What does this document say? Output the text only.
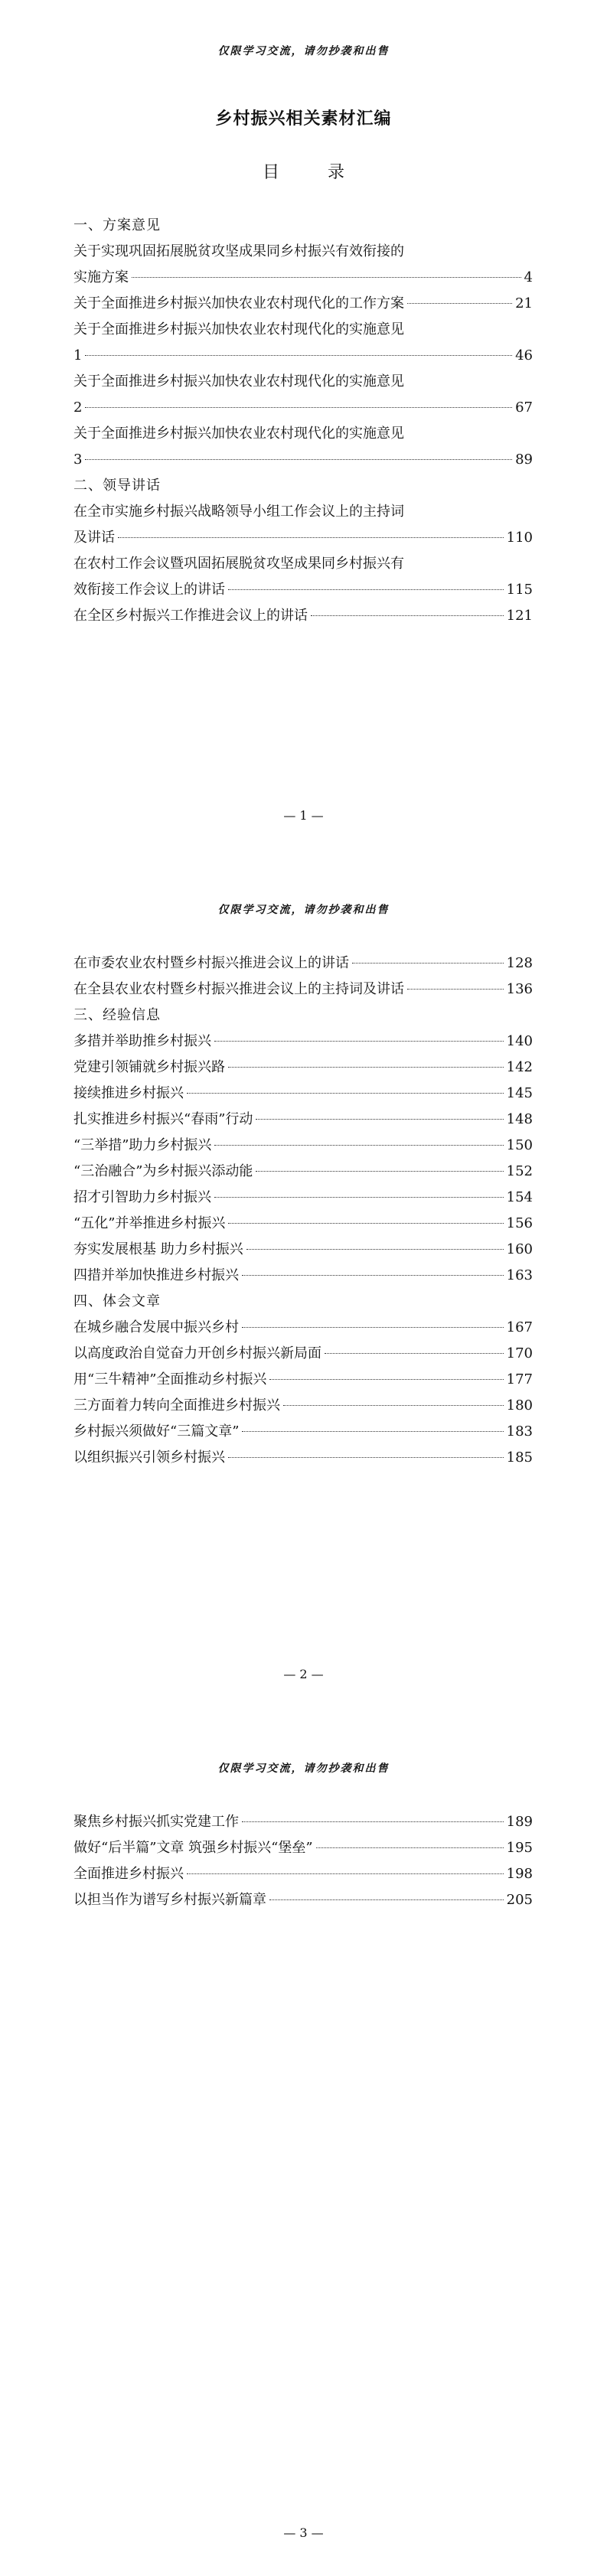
仅限学习交流，请勿抄袭和出售
乡村振兴相关素材汇编
目 录
一、方案意见
关于实现巩固拓展脱贫攻坚成果同乡村振兴有效衔接的
实施方案	4
关于全面推进乡村振兴加快农业农村现代化的工作方案	21
关于全面推进乡村振兴加快农业农村现代化的实施意见
1	46
关于全面推进乡村振兴加快农业农村现代化的实施意见
2	67
关于全面推进乡村振兴加快农业农村现代化的实施意见
3	89
二、领导讲话
在全市实施乡村振兴战略领导小组工作会议上的主持词
及讲话	110
在农村工作会议暨巩固拓展脱贫攻坚成果同乡村振兴有
效衔接工作会议上的讲话	115
在全区乡村振兴工作推进会议上的讲话	121
— 1 —
仅限学习交流，请勿抄袭和出售
在市委农业农村暨乡村振兴推进会议上的讲话	128
在全县农业农村暨乡村振兴推进会议上的主持词及讲话	136
三、经验信息
多措并举助推乡村振兴	140
党建引领铺就乡村振兴路	142
接续推进乡村振兴	145
扎实推进乡村振兴“春雨”行动	148
“三举措”助力乡村振兴	150
“三治融合”为乡村振兴添动能	152
招才引智助力乡村振兴	154
“五化”并举推进乡村振兴	156
夯实发展根基 助力乡村振兴	160
四措并举加快推进乡村振兴	163
四、体会文章
在城乡融合发展中振兴乡村	167
以高度政治自觉奋力开创乡村振兴新局面	170
用“三牛精神”全面推动乡村振兴	177
三方面着力转向全面推进乡村振兴	180
乡村振兴须做好“三篇文章”	183
以组织振兴引领乡村振兴	185
— 2 —
仅限学习交流，请勿抄袭和出售
聚焦乡村振兴抓实党建工作	189
做好“后半篇”文章 筑强乡村振兴“堡垒”	195
全面推进乡村振兴	198
以担当作为谱写乡村振兴新篇章	205
— 3 —
